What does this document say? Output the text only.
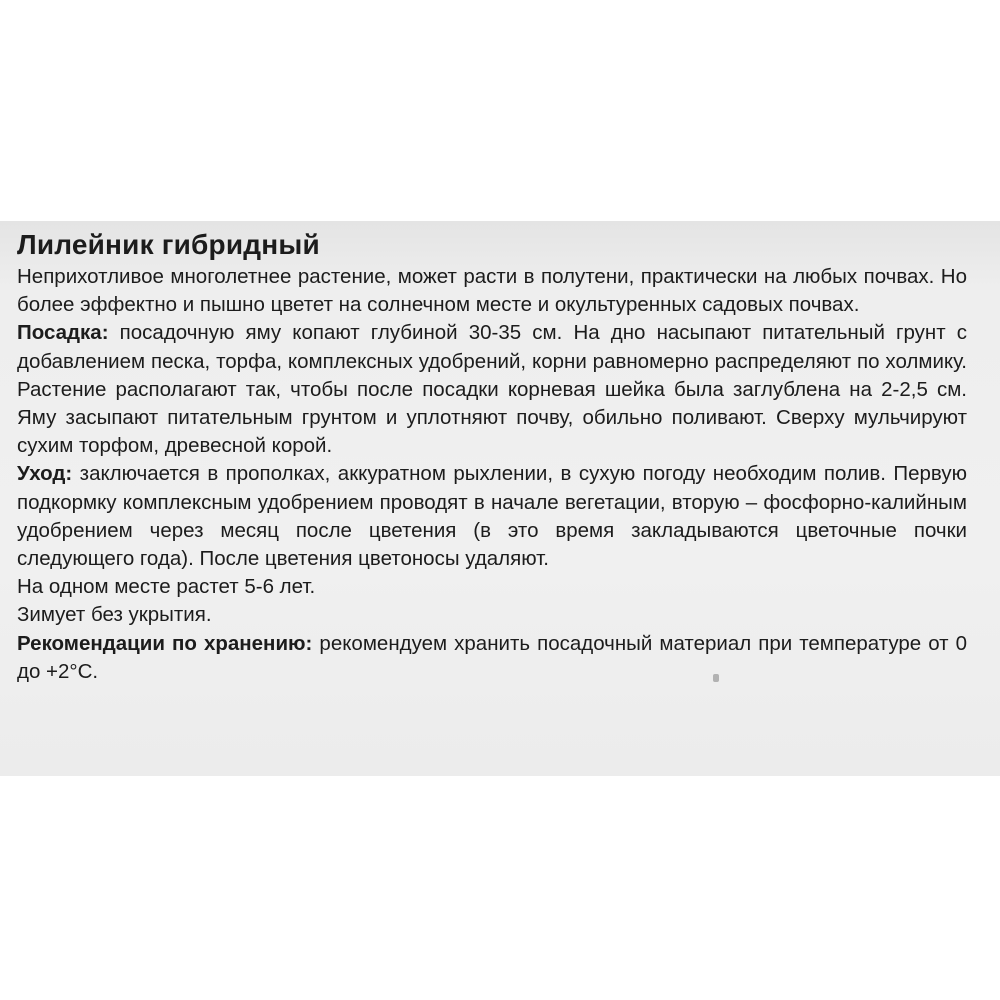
Лилейник гибридный

Неприхотливое многолетнее растение, может расти в полутени, практически на любых почвах. Но более эффектно и пышно цветет на солнечном месте и окультуренных садовых почвах.

Посадка: посадочную яму копают глубиной 30-35 см. На дно насыпают питательный грунт с добавлением песка, торфа, комплексных удобрений, корни равномерно распределяют по холмику. Растение располагают так, чтобы после посадки корневая шейка была заглублена на 2-2,5 см. Яму засыпают питательным грунтом и уплотняют почву, обильно поливают. Сверху мульчируют сухим торфом, древесной корой.

Уход: заключается в прополках, аккуратном рыхлении, в сухую погоду необходим полив. Первую подкормку комплексным удобрением проводят в начале вегетации, вторую – фосфорно-калийным удобрением через месяц после цветения (в это время закладываются цветочные почки следующего года). После цветения цветоносы удаляют.

На одном месте растет 5-6 лет.

Зимует без укрытия.

Рекомендации по хранению: рекомендуем хранить посадочный материал при температуре от 0 до +2°C.
